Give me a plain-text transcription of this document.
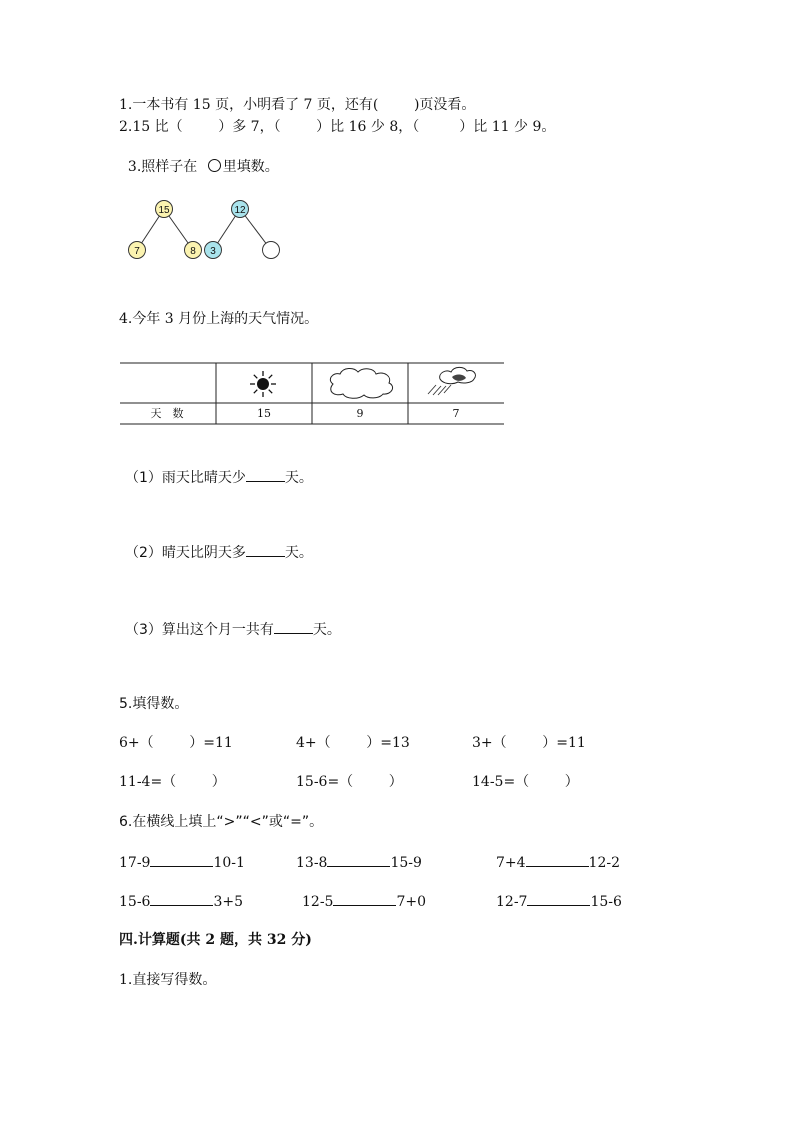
1.一本书有 15 页，小明看了 7 页，还有(        )页没看。
2.15 比（        ）多 7，（        ）比 16 少 8，（         ）比 11 少 9。

3.照样子在 里填数。

15
7	8
12
3
4.今年 3 月份上海的天气情况。
天　数	15	9	7
（1）雨天比晴天少	天。
（2）晴天比阴天多	天。
（3）算出这个月一共有	天。
5.填得数。
6+（        ）=11	4+（        ）=13	3+（        ）=11
11-4=（        ）	15-6=（        ）	14-5=（        ）
6.在横线上填上“>”“<”或“=”。
17-9	10-1	13-8	15-9	7+4	12-2
15-6	3+5	12-5	7+0	12-7	15-6
四.计算题(共 2 题，共 32 分)
1.直接写得数。
